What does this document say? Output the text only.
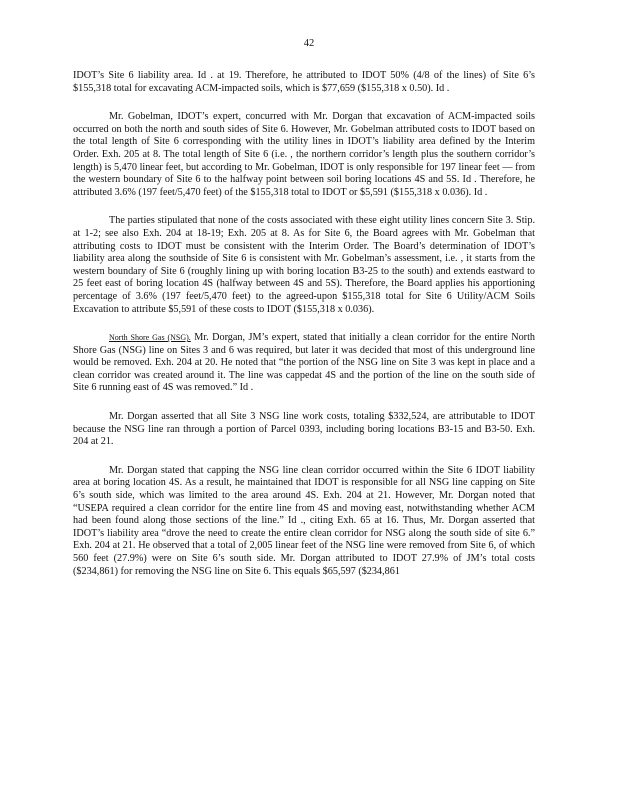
42

IDOT’s Site 6 liability area. Id . at 19. Therefore, he attributed to IDOT 50% (4/8 of the lines) of Site 6’s $155,318 total for excavating ACM-impacted soils, which is $77,659 ($155,318 x 0.50). Id .

Mr. Gobelman, IDOT’s expert, concurred with Mr. Dorgan that excavation of ACM-impacted soils occurred on both the north and south sides of Site 6. However, Mr. Gobelman attributed costs to IDOT based on the total length of Site 6 corresponding with the utility lines in IDOT’s liability area defined by the Interim Order. Exh. 205 at 8. The total length of Site 6 (i.e. , the northern corridor’s length plus the southern corridor’s length) is 5,470 linear feet, but according to Mr. Gobelman, IDOT is only responsible for 197 linear feet — from the western boundary of Site 6 to the halfway point between soil boring locations 4S and 5S. Id . Therefore, he attributed 3.6% (197 feet/5,470 feet) of the $155,318 total to IDOT or $5,591 ($155,318 x 0.036). Id .

The parties stipulated that none of the costs associated with these eight utility lines concern Site 3. Stip. at 1-2; see also Exh. 204 at 18-19; Exh. 205 at 8. As for Site 6, the Board agrees with Mr. Gobelman that attributing costs to IDOT must be consistent with the Interim Order. The Board’s determination of IDOT’s liability area along the southside of Site 6 is consistent with Mr. Gobelman’s assessment, i.e. , it starts from the western boundary of Site 6 (roughly lining up with boring location B3-25 to the south) and extends eastward to 25 feet east of boring location 4S (halfway between 4S and 5S). Therefore, the Board applies his apportioning percentage of 3.6% (197 feet/5,470 feet) to the agreed-upon $155,318 total for Site 6 Utility/ACM Soils Excavation to attribute $5,591 of these costs to IDOT ($155,318 x 0.036).

North Shore Gas (NSG). Mr. Dorgan, JM’s expert, stated that initially a clean corridor for the entire North Shore Gas (NSG) line on Sites 3 and 6 was required, but later it was decided that most of this underground line would be removed. Exh. 204 at 20. He noted that “the portion of the NSG line on Site 3 was kept in place and a clean corridor was created around it. The line was cappedat 4S and the portion of the line on the south side of Site 6 running east of 4S was removed.” Id .

Mr. Dorgan asserted that all Site 3 NSG line work costs, totaling $332,524, are attributable to IDOT because the NSG line ran through a portion of Parcel 0393, including boring locations B3-15 and B3-50. Exh. 204 at 21.

Mr. Dorgan stated that capping the NSG line clean corridor occurred within the Site 6 IDOT liability area at boring location 4S. As a result, he maintained that IDOT is responsible for all NSG line capping on Site 6’s south side, which was limited to the area around 4S. Exh. 204 at 21. However, Mr. Dorgan noted that “USEPA required a clean corridor for the entire line from 4S and moving east, notwithstanding whether ACM had been found along those sections of the line.” Id ., citing Exh. 65 at 16. Thus, Mr. Dorgan asserted that IDOT’s liability area “drove the need to create the entire clean corridor for NSG along the south side of site 6.” Exh. 204 at 21. He observed that a total of 2,005 linear feet of the NSG line were removed from Site 6, of which 560 feet (27.9%) were on Site 6’s south side. Mr. Dorgan attributed to IDOT 27.9% of JM’s total costs ($234,861) for removing the NSG line on Site 6. This equals $65,597 ($234,861
